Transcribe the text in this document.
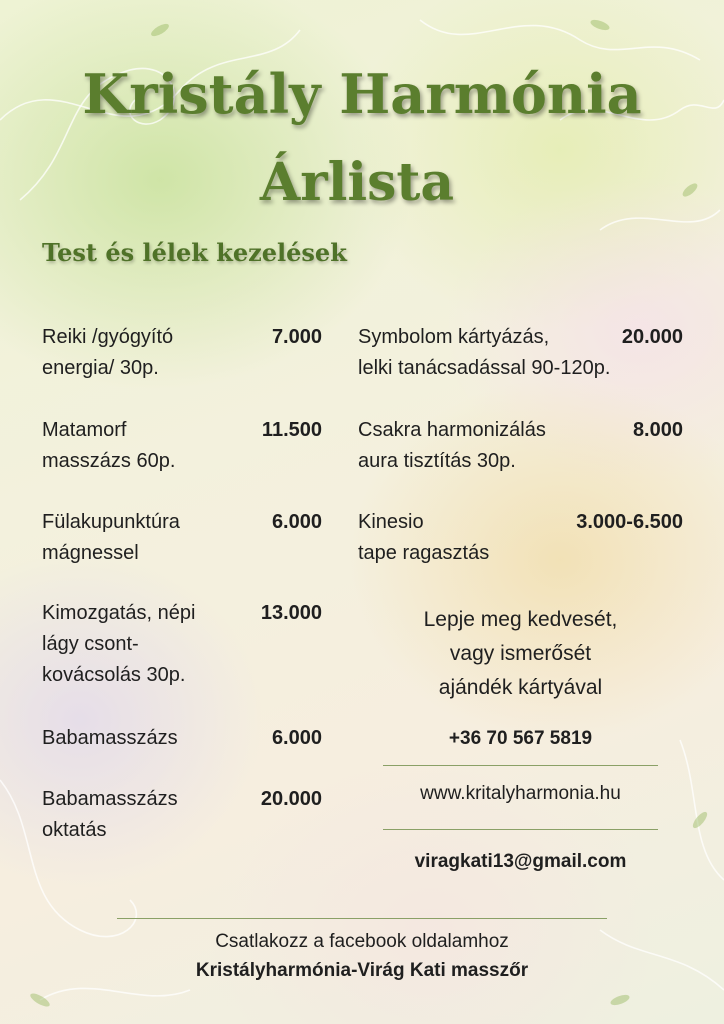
Kristály Harmónia
Árlista
Test és lélek kezelések
Reiki /gyógyító
energia/ 30p.
7.000
Matamorf
masszázs 60p.
11.500
Fülakupunktúra
mágnessel
6.000
Kimozgatás, népi
lágy csont-
kovácsolás 30p.
13.000
Babamasszázs	6.000
Babamasszázs
oktatás
20.000
Symbolom kártyázás,
lelki tanácsadással 90-120p.
20.000
Csakra harmonizálás
aura tisztítás 30p.
8.000
Kinesio
tape ragasztás
3.000-6.500
Lepje meg kedvesét,
vagy ismerősét
ajándék kártyával
+36 70 567 5819
www.kritalyharmonia.hu
viragkati13@gmail.com
Csatlakozz a facebook oldalamhoz
Kristályharmónia-Virág Kati masszőr
